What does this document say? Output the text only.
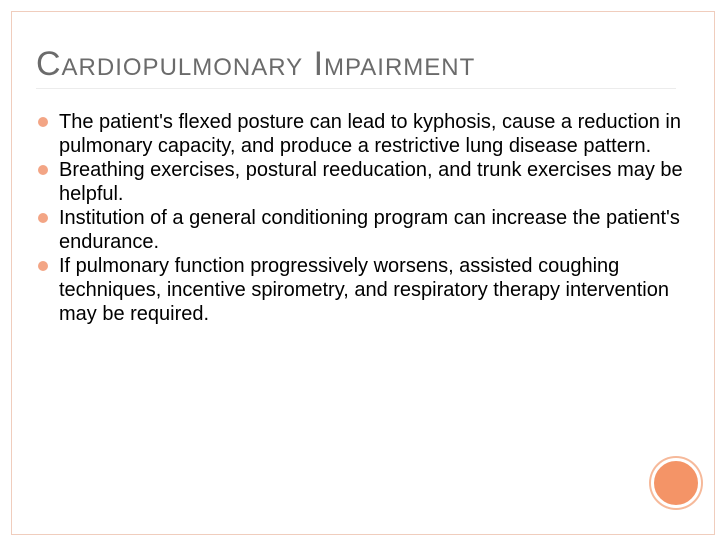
Cardiopulmonary Impairment
The patient's flexed posture can lead to kyphosis, cause a reduction in pulmonary capacity, and produce a restrictive lung disease pattern.
Breathing exercises, postural reeducation, and trunk exercises may be helpful.
Institution of a general conditioning program can increase the patient's endurance.
If pulmonary function progressively worsens, assisted coughing techniques, incentive spirometry, and respiratory therapy intervention may be required.
